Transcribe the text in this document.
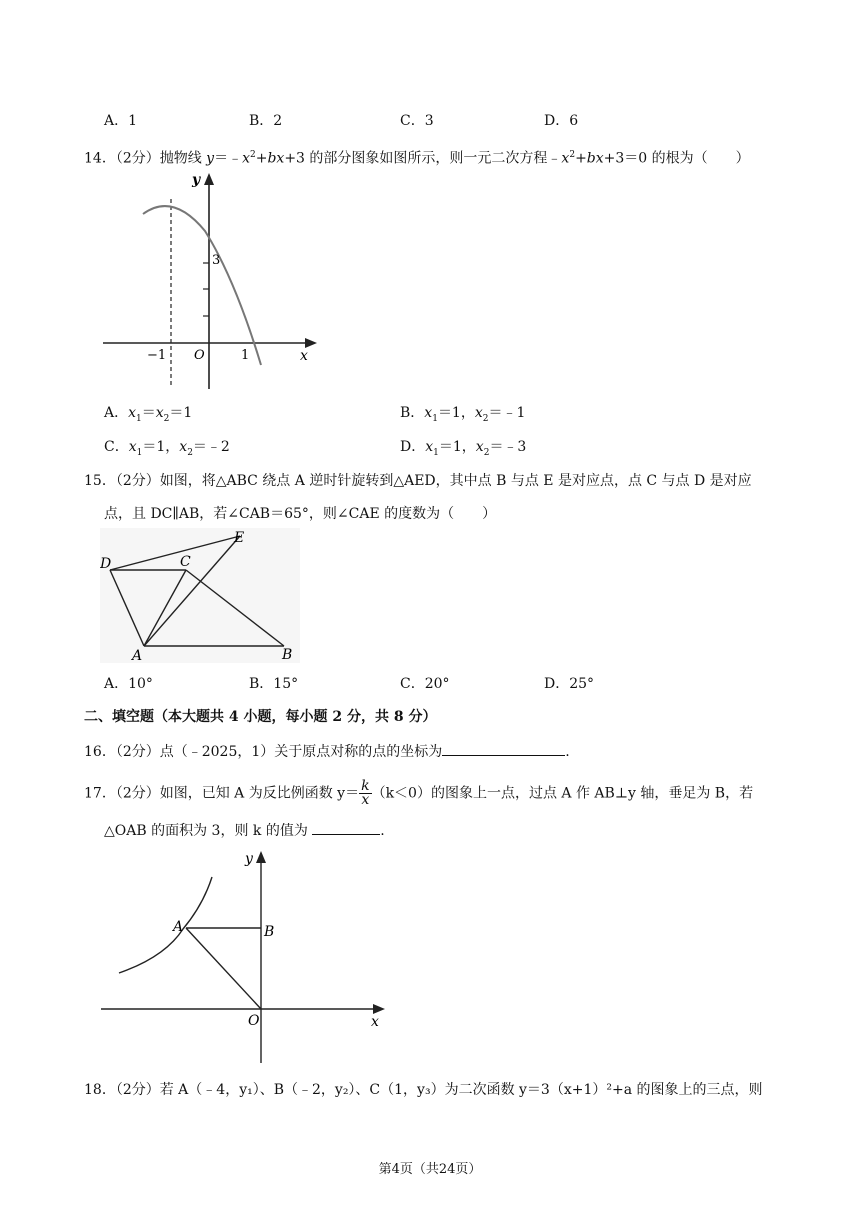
A．1	B．2	C．3	D．6
14．（2分）抛物线 $y=﹣x^2+bx+3$ 的部分图象如图所示，则一元二次方程$﹣x^2+bx+3=0$ 的根为（　　）
y
x
3
−1 O	1
A．$x_1=x_2=1$	B．$x_1=1$，$x_2=﹣1$
C．$x_1=1$，$x_2=﹣2$	D．$x_1=1$，$x_2=﹣3$
15．（2分）如图，将△ABC 绕点 A 逆时针旋转到△AED，其中点 B 与点 E 是对应点，点 C 与点 D 是对应
点，且 DC∥AB，若∠CAB＝65°，则∠CAE 的度数为（　　）
D	C
E
A	B
A．10°	B．15°	C．20°	D．25°
二、填空题（本大题共 4 小题，每小题 2 分，共 8 分）
16．（2分）点（﹣2025，1）关于原点对称的点的坐标为	.
17．（2分）如图，已知 A 为反比例函数 $y= \frac{k}{x} (k<0)$的图象上一点，过点 A 作 AB⊥y 轴，垂足为 B，若
△OAB 的面积为 3，则 k 的值为	.
y
x
A	B
O
18．（2分）若 A（﹣4，y₁）、B（﹣2，y₂）、C（1，y₃）为二次函数 y＝3（x+1）²+a 的图象上的三点，则
第4页（共24页）
